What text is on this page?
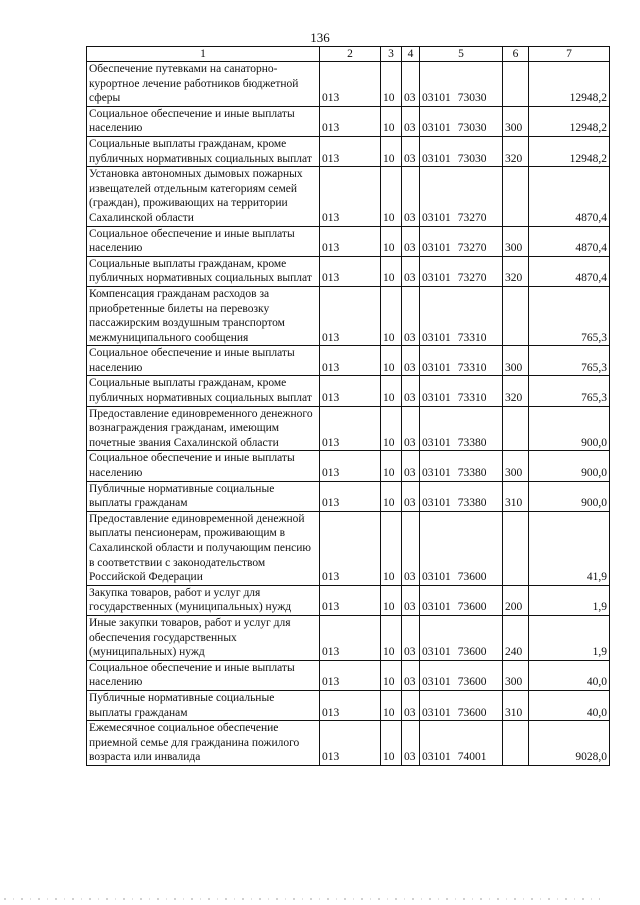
136
1	2	3	4	5	6	7
Обеспечение путевками на санаторно-курортное лечение работников бюджетной сферы	013	10	03	03101 73030		12948,2
Социальное обеспечение и иные выплаты населению	013	10	03	03101 73030	300	12948,2
Социальные выплаты гражданам, кроме публичных нормативных социальных выплат	013	10	03	03101 73030	320	12948,2
Установка автономных дымовых пожарных извещателей отдельным категориям семей (граждан), проживающих на территории Сахалинской области	013	10	03	03101 73270		4870,4
Социальное обеспечение и иные выплаты населению	013	10	03	03101 73270	300	4870,4
Социальные выплаты гражданам, кроме публичных нормативных социальных выплат	013	10	03	03101 73270	320	4870,4
Компенсация гражданам расходов за приобретенные билеты на перевозку пассажирским воздушным транспортом межмуниципального сообщения	013	10	03	03101 73310		765,3
Социальное обеспечение и иные выплаты населению	013	10	03	03101 73310	300	765,3
Социальные выплаты гражданам, кроме публичных нормативных социальных выплат	013	10	03	03101 73310	320	765,3
Предоставление единовременного денежного вознаграждения гражданам, имеющим почетные звания Сахалинской области	013	10	03	03101 73380		900,0
Социальное обеспечение и иные выплаты населению	013	10	03	03101 73380	300	900,0
Публичные нормативные социальные выплаты гражданам	013	10	03	03101 73380	310	900,0
Предоставление единовременной денежной выплаты пенсионерам, проживающим в Сахалинской области и получающим пенсию в соответствии с законодательством Российской Федерации	013	10	03	03101 73600		41,9
Закупка товаров, работ и услуг для государственных (муниципальных) нужд	013	10	03	03101 73600	200	1,9
Иные закупки товаров, работ и услуг для обеспечения государственных (муниципальных) нужд	013	10	03	03101 73600	240	1,9
Социальное обеспечение и иные выплаты населению	013	10	03	03101 73600	300	40,0
Публичные нормативные социальные выплаты гражданам	013	10	03	03101 73600	310	40,0
Ежемесячное социальное обеспечение приемной семье для гражданина пожилого возраста или инвалида	013	10	03	03101 74001		9028,0
